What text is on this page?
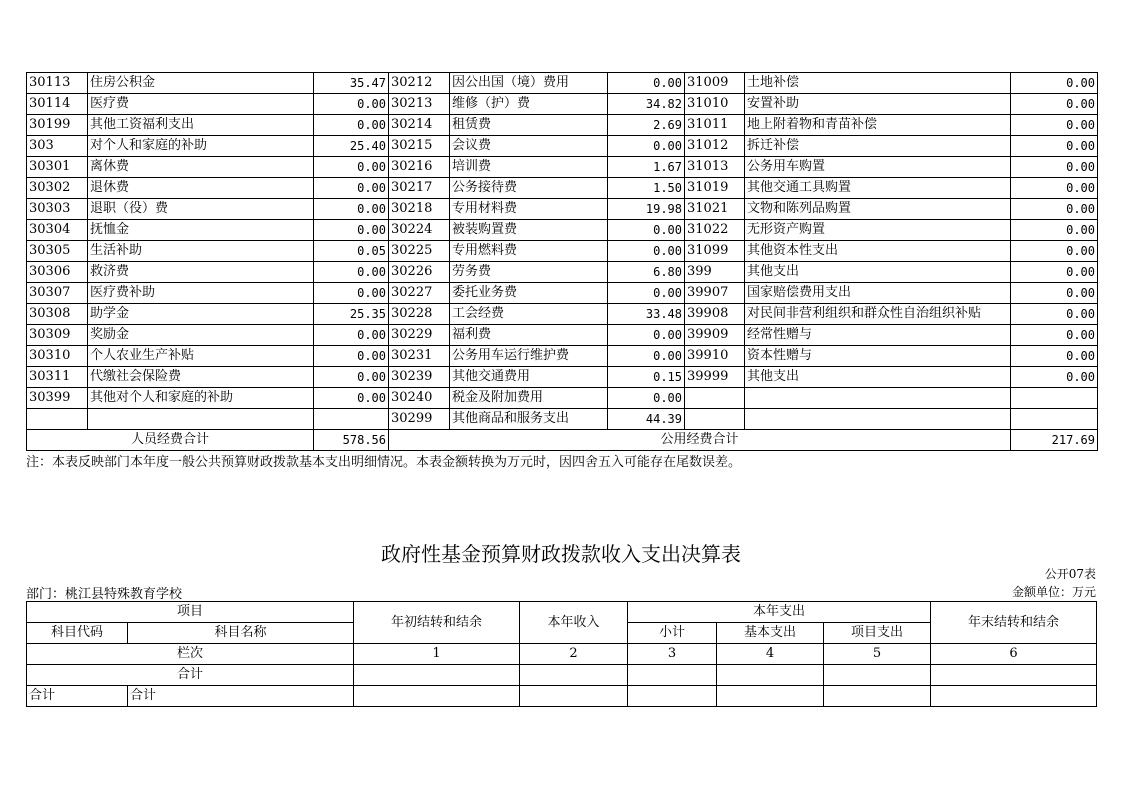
30113	住房公积金	35.47	30212	因公出国（境）费用	0.00	31009	土地补偿	0.00
30114	医疗费	0.00	30213	维修（护）费	34.82	31010	安置补助	0.00
30199	其他工资福利支出	0.00	30214	租赁费	2.69	31011	地上附着物和青苗补偿	0.00
303	对个人和家庭的补助	25.40	30215	会议费	0.00	31012	拆迁补偿	0.00
30301	离休费	0.00	30216	培训费	1.67	31013	公务用车购置	0.00
30302	退休费	0.00	30217	公务接待费	1.50	31019	其他交通工具购置	0.00
30303	退职（役）费	0.00	30218	专用材料费	19.98	31021	文物和陈列品购置	0.00
30304	抚恤金	0.00	30224	被装购置费	0.00	31022	无形资产购置	0.00
30305	生活补助	0.05	30225	专用燃料费	0.00	31099	其他资本性支出	0.00
30306	救济费	0.00	30226	劳务费	6.80	399	其他支出	0.00
30307	医疗费补助	0.00	30227	委托业务费	0.00	39907	国家赔偿费用支出	0.00
30308	助学金	25.35	30228	工会经费	33.48	39908	对民间非营利组织和群众性自治组织补贴	0.00
30309	奖励金	0.00	30229	福利费	0.00	39909	经常性赠与	0.00
30310	个人农业生产补贴	0.00	30231	公务用车运行维护费	0.00	39910	资本性赠与	0.00
30311	代缴社会保险费	0.00	30239	其他交通费用	0.15	39999	其他支出	0.00
30399	其他对个人和家庭的补助	0.00	30240	税金及附加费用	0.00			
			30299	其他商品和服务支出	44.39			
人员经费合计		578.56	公用经费合计					217.69
注：本表反映部门本年度一般公共预算财政拨款基本支出明细情况。本表金额转换为万元时，因四舍五入可能存在尾数误差。
政府性基金预算财政拨款收入支出决算表
公开07表
部门：桃江县特殊教育学校	金额单位：万元
项目		年初结转和结余	本年收入	本年支出			年末结转和结余
科目代码	科目名称			小计	基本支出	项目支出	
栏次		1	2	3	4	5	6
合计							
合计	合计						
